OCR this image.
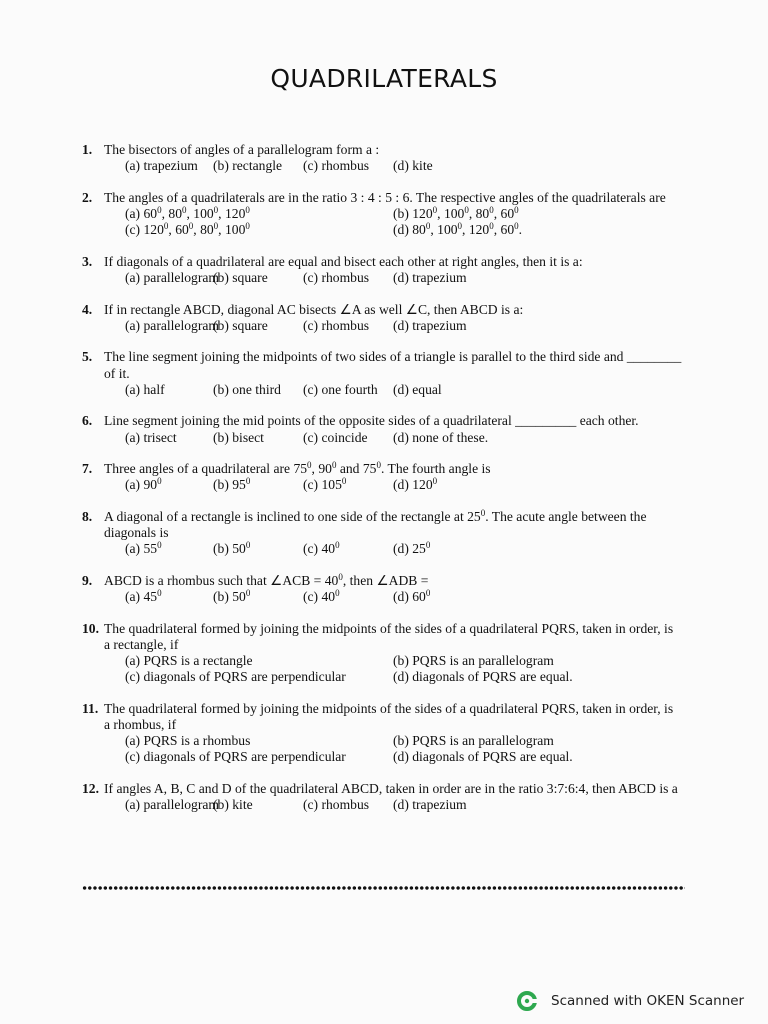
QUADRILATERALS
1. The bisectors of angles of a parallelogram form a :
(a) trapezium (b) rectangle (c) rhombus (d) kite
2. The angles of a quadrilaterals are in the ratio 3 : 4 : 5 : 6. The respective angles of the quadrilaterals are
(a) $60^0$, $80^0$, $100^0$, $120^0$	(b) $120^0$, $100^0$, $80^0$, $60^0$
(c) $120^0$, $60^0$, $80^0$, $100^0$	(d) $80^0$, $100^0$, $120^0$, $60^0$.
3. If diagonals of a quadrilateral are equal and bisect each other at right angles, then it is a:
(a) parallelogram
(b) square	(c) rhombus (d) trapezium
4. If in rectangle ABCD, diagonal AC bisects ∠A as well ∠C, then ABCD is a:
(a) parallelogram
(b) square	(c) rhombus (d) trapezium
5. The line segment joining the midpoints of two sides of a triangle is parallel to the third side and ________ of it.
(a) half	(b) one third (c) one fourth (d) equal
6. Line segment joining the mid points of the opposite sides of a quadrilateral _________ each other.
(a) trisect	(b) bisect	(c) coincide (d) none of these.
7. Three angles of a quadrilateral are $75^0$, $90^0$ and $75^0$. The fourth angle is
(a) $90^0$	(b) $95^0$	(c) $105^0$	(d) $120^0$
8. A diagonal of a rectangle is inclined to one side of the rectangle at $25^0$. The acute angle between the diagonals is
(a) $55^0$	(b) $50^0$	(c) $40^0$	(d) $25^0$
9. ABCD is a rhombus such that ∠ACB = $40^0$, then ∠ADB =
(a) $45^0$	(b) $50^0$	(c) $40^0$	(d) $60^0$
10. The quadrilateral formed by joining the midpoints of the sides of a quadrilateral PQRS, taken in order, is a rectangle, if
(a) PQRS is a rectangle	(b) PQRS is an parallelogram
(c) diagonals of PQRS are perpendicular	(d) diagonals of PQRS are equal.
11. The quadrilateral formed by joining the midpoints of the sides of a quadrilateral PQRS, taken in order, is a rhombus, if
(a) PQRS is a rhombus	(b) PQRS is an parallelogram
(c) diagonals of PQRS are perpendicular	(d) diagonals of PQRS are equal.
12. If angles A, B, C and D of the quadrilateral ABCD, taken in order are in the ratio 3:7:6:4, then ABCD is a
(a) parallelogram
(b) kite	(c) rhombus (d) trapezium
Scanned with OKEN Scanner
